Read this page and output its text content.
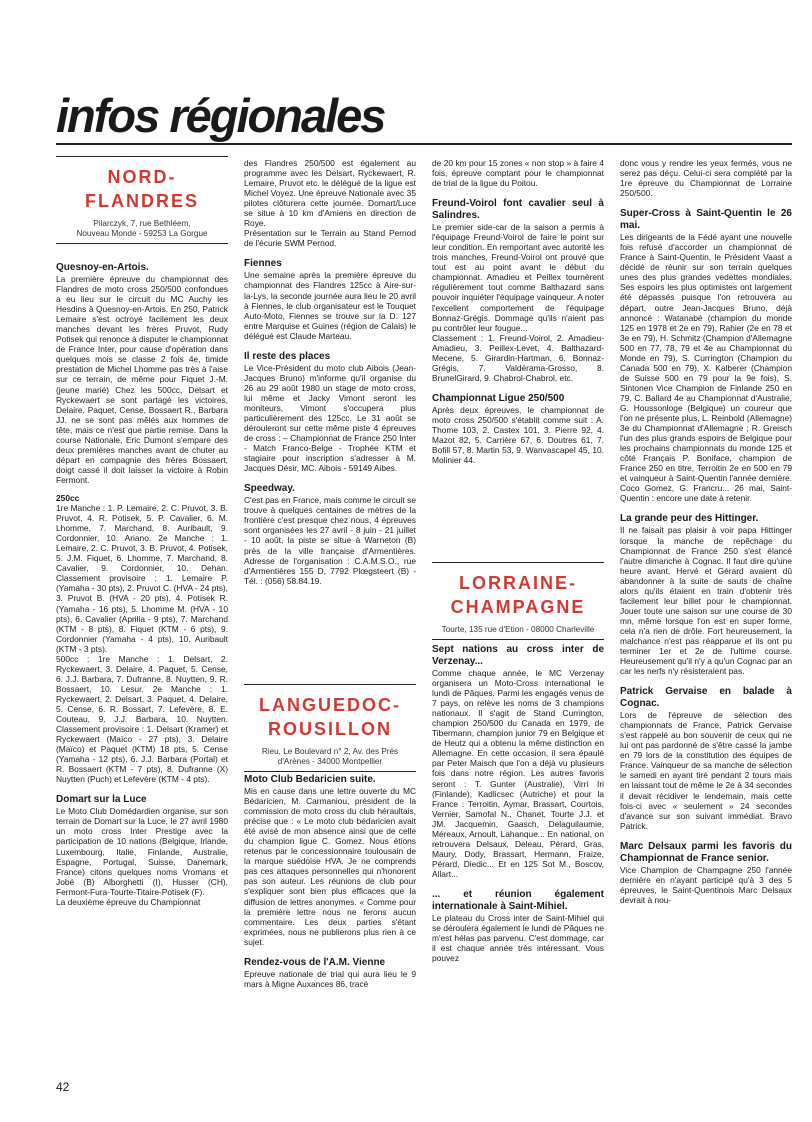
infos régionales
NORD-
FLANDRES
Pilarczyk, 7, rue Bethléem,
Nouveau Monde - 59253 La Gorgue

Quesnoy-en-Artois.

La première épreuve du championnat des Flandres de moto cross 250/500 confondues a eu lieu sur le circuit du MC Auchy les Hesdins à Quesnoy-en-Artois. En 250, Patrick Lemaire s'est octroyé facilement les deux manches devant les frères Pruvot, Rudy Potisek qui renonce à disputer le championnat de France Inter, pour cause d'opération dans quelques mois se classe 2 fois 4e, timide prestation de Michel Lhomme pas très à l'aise sur ce terrain, de même pour Fiquet J.-M. (jeune marié) Chez les 500cc, Delsart et Ryckewaert se sont partagé les victoires, Delaire, Paquet, Cense, Bossaert R., Barbara JJ. ne se sont pas mêlés aux hommes de tête, mais ce n'est que partie remise. Dans la course Nationale, Eric Dumont s'empare des deux premières manches avant de chuter au départ en compagnie des frères Bossaert, doigt cassé il doit laisser la victoire à Robin Fermont.

250cc

1re Manche : 1. P. Lemaire, 2. C. Pruvot, 3. B. Pruvot, 4. R. Potisek, 5. P. Cavalier, 6. M. Lhomme, 7. Marchand, 8. Auribault, 9. Cordonnier, 10. Ariano. 2e Manche : 1. Lemaire, 2. C. Pruvot, 3. B. Pruvot, 4. Potisek, 5. J.M. Fiquet, 6. Lhomme, 7. Marchand, 8. Cavalier, 9. Cordonnier, 10. Dehan. Classement provisoire : 1. Lemaire P. (Yamaha - 30 pts), 2. Pruvot C. (HVA - 24 pts), 3. Pruvot B. (HVA - 20 pts), 4. Potisek R. (Yamaha - 16 pts), 5. Lhomme M. (HVA - 10 pts), 6. Cavalier (Aprilia - 9 pts), 7. Marchand (KTM - 8 pts), 8. Fiquet (KTM - 6 pts), 9. Cordonnier (Yamaha - 4 pts), 10. Auribault (KTM - 3 pts).

500cc : 1re Manche : 1. Delsart, 2. Ryckewaert, 3. Delaire, 4. Paquet, 5. Cense, 6. J.J. Barbara, 7. Dufranne, 8. Nuytten, 9. R. Bossaert, 10. Lesur. 2e Manche : 1. Ryckewaert, 2. Delsart, 3. Paquet, 4. Delaire, 5. Cense, 6. R. Bossart, 7. Lefevère, 8. E. Couteau, 9. J.J. Barbara, 10. Nuytten. Classement provisoire : 1. Delsart (Kramer) et Ryckewaert (Maïco - 27 pts), 3. Delaire (Maïco) et Paquet (KTM) 18 pts, 5. Cense (Yamaha - 12 pts), 6. J.J. Barbara (Portal) et R. Bossaert (KTM - 7 pts), 8. Dufranne (X) Nuytten (Puch) et Lefevère (KTM - 4 pts).

Domart sur la Luce

Le Moto Club Domédardien organise, sur son terrain de Domart sur la Luce, le 27 avril 1980 un moto cross Inter Prestige avec la participation de 10 nations (Belgique, Irlande, Luxembourg, Italie, Finlande, Australie, Espagne, Portugal, Suisse, Danemark, France) citons quelques noms Vromans et Jobé (B) Alborghetti (I), Husser (CH), Fermont-Fura-Tourte-Titaire-Potisek (F).

La deuxième épreuve du Championnat

42

des Flandres 250/500 est également au programme avec les Delsart, Ryckewaert, R. Lemaire, Pruvot etc. le délégué de la ligue est Michel Voyez. Une épreuve Nationale avec 35 pilotes clôturera cette journée. Domart/Luce se situe à 10 km d'Amiens en direction de Roye.

Présentation sur le Terrain au Stand Pernod de l'écurie SWM Pernod.

Fiennes

Une semaine après la première épreuve du championnat des Flandres 125cc à Aire-sur-la-Lys, la seconde journée aura lieu le 20 avril à Fiennes, le club organisateur est le Touquet Auto-Moto, Fiennes se trouve sur la D. 127 entre Marquise et Guines (région de Calais) le délégué est Claude Marteau.

Il reste des places

Le Vice-Président du moto club Aibois (Jean-Jacques Bruno) m'informe qu'il organise du 26 au 29 août 1980 un stage de moto cross, lui même et Jacky Vimont seront les moniteurs, Vimont s'occupera plus particulièrement des 125cc. Le 31 août se dérouleront sur cette même piste 4 épreuves de cross : – Championnat de France 250 Inter - Match Franco-Belge - Trophée KTM et stagiaire pour inscription s'adresser à M. Jacques Désir, MC. Aibois - 59149 Aibes.

Speedway.

C'est pas en France, mais comme le circuit se trouve à quelques centaines de mètres de la frontière c'est presque chez nous, 4 épreuves sont organisées les 27 avril - 8 juin - 21 juillet - 10 août, la piste se situe à Warneton (B) près de la ville française d'Armentières. Adresse de l'organisation : C.A.M.S.O., rue d'Armentières 155 D, 7792 Plœgsteert (B) - Tél. : (056) 58.84.19.

LANGUEDOC-
ROUSILLON
Rieu, Le Boulevard n° 2, Av. des Prés
d'Arènes - 34000 Montpellier

Moto Club Bedaricien suite.

Mis en cause dans une lettre ouverte du MC Bédaricien, M. Carmaniou, président de la commission de moto cross du club héraultais, précise que : « Le moto club bédaricien avait été avisé de mon absence ainsi que de celle du champion ligue C. Gomez. Nous étions retenus par le concessionnaire toulousain de la marque suédoise HVA. Je ne comprends pas ces attaques personnelles qui n'honorent pas son auteur. Les réunions de club pour s'expliquer sont bien plus efficaces que la diffusion de lettres anonymes. « Comme pour la première lettre nous ne ferons aucun commentaire. Les deux parties s'étant exprimées, nous ne publierons plus rien à ce sujet.

Rendez-vous de l'A.M. Vienne

Epreuve nationale de trial qui aura lieu le 9 mars à Migne Auxances 86, tracé

de 20 km pour 15 zones « non stop » à faire 4 fois, épreuve comptant pour le championnat de trial de la ligue du Poitou.

Freund-Voirol font cavalier seul à Salindres.

Le premier side-car de la saison a permis à l'équipage Freund-Voirol de faire le point sur leur condition. En remportant avec autorité les trois manches, Freund-Voirol ont prouvé que tout est au point avant le début du championnat. Amadieu et Peillex tournèrent régulièrement tout comme Balthazard sans pouvoir inquiéter l'équipage vainqueur. A noter l'excellent comportement de l'équipage Bonnaz-Grégis. Dommage qu'ils n'aient pas pu contrôler leur fougue...

Classement : 1. Freund-Voirol, 2. Amadieu-Amadieu, 3. Peillex-Levet, 4. Balthazard-Mecene, 5. Girardin-Hartman, 6. Bonnaz-Grégis, 7. Valdérama-Grosso, 8. BrunelGirard, 9. Chabrol-Chabrol, etc.

Championnat Ligue 250/500

Après deux épreuves, le championnat de moto cross 250/500 s'établit comme suit : A. Thome 103, 2. Castex 101, 3. Pierre 92, 4. Mazot 82, 5. Carrière 67, 6. Doutres 61, 7. Bofill 57, 8. Martin 53, 9. Wanvascapel 45, 10. Molinier 44.

LORRAINE-
CHAMPAGNE
Tourte, 135 rue d'Etion - 08000 Charleville

Sept nations au cross inter de Verzenay...

Comme chaque année, le MC Verzenay organisera un Moto-Cross international le lundi de Pâques. Parmi les engagés venus de 7 pays, on relève les noms de 3 champions nationaux. Il s'agit de Stand Currington, champion 250/500 du Canada en 1979, de Tibermann, champion junior 79 en Belgique et de Heutz qui a obtenu la même distinction en Allemagne. En cette occasion, il sera épaulé par Peter Maisch que l'on a déjà vu plusieurs fois dans notre région. Les autres favoris seront : T. Gunter (Australie), Virri Iri (Finlande), Kadlicsec (Autriche) et pour la France : Terroitin, Aymar, Brassart, Courtois, Vernier, Samofal N., Chanet, Tourte J.J. et JM. Jacquemin, Gaasch, Delaguilaumie, Méreaux, Arnoult, Lahanque... En national, on retrouvera Delsaux, Deleau, Pérard, Gras, Maury, Dody, Brassart, Hermann, Fraize, Pérard, Diedic... Et en 125 Sot M., Boscov, Allart...

... et réunion également internationale à Saint-Mihiel.

Le plateau du Cross inter de Saint-Mihiel qui se déroulera également le lundi de Pâques ne m'est hélas pas parvenu. C'est dommage, car il est chaque année très intéressant. Vous pouvez

donc vous y rendre les yeux fermés, vous ne serez pas déçu. Celui-ci sera complété par la 1re épreuve du Championnat de Lorraine 250/500.

Super-Cross à Saint-Quentin le 26 mai.

Les dirigeants de la Fédé ayant une nouvelle fois refusé d'accorder un championnat de France à Saint-Quentin, le Président Vaast a décidé de réunir sur son terrain quelques unes des plus grandes vedettes mondiales. Ses espoirs les plus optimistes ont largement été dépassés puisque l'on retrouvera au départ, outre Jean-Jacques Bruno, déjà annoncé : Watanabé (champion du monde 125 en 1978 et 2e en 79), Rahier (2e en 78 et 3e en 79), H. Schmitz (Champion d'Allemagne 500 en 77, 78, 79 et 4e au Championnat du Monde en 79), S. Currington (Champion du Canada 500 en 79), X. Kalberer (Champion de Suisse 500 en 79 pour la 9e fois), S. Sintonen Vice Champion de Finlande 250 en 79, C. Ballard 4e au Championnat d'Australie, G. Houssonloge (Belgique) un coureur que l'on ne présente plus, L. Reinbold (Allemagne) 3e du Championnat d'Allemagne ; R. Greisch l'un des plus grands espoirs de Belgique pour les prochains championnats du monde 125 et côté Français P. Boniface, champion de France 250 en titre, Terroitin 2e en 500 en 79 et vainqueur à Saint-Quentin l'année dernière. Coco Gomez, G. Francru... 26 mai, Saint-Quentin : encore une date à retenir.

La grande peur des Hittinger.

Il ne faisait pas plaisir à voir papa Hittinger lorsque la manche de repêchage du Championnat de France 250 s'est élancé l'autre dimanche à Cognac. Il faut dire qu'une heure avant, Hervé et Gérard avaient dû abandonner à la suite de sauts de chaîne alors qu'ils étaient en train d'obtenir très facilement leur billet pour le championnat. Jouer toute une saison sur une course de 30 mn, même lorsque l'on est en super forme, cela n'a rien de drôle. Fort heureusement, la malchance n'est pas réapparue et ils ont pu terminer 1er et 2e de l'ultime course. Heureusement qu'il n'y a qu'un Cognac par an car les nerfs n'y résisteraient pas.

Patrick Gervaise en balade à Cognac.

Lors de l'épreuve de sélection des championnats de France, Patrick Gervaise s'est rappelé au bon souvenir de ceux qui ne lui ont pas pardonné de s'être cassé la jambe en 79 lors de la constitution des équipes de France. Vainqueur de sa manche de sélection le samedi en ayant tiré pendant 2 tours mais en laissant tout de même le 2e à 34 secondes il devait récidiver le lendemain, mais cette fois-ci avec « seulement » 24 secondes d'avance sur son suivant immédiat. Bravo Patrick.

Marc Delsaux parmi les favoris du Championnat de France senior.

Vice Champion de Champagne 250 l'année dernière en n'ayant participé qu'à 3 des 5 épreuves, le Saint-Quentinois Marc Delsaux devrait à nou-
